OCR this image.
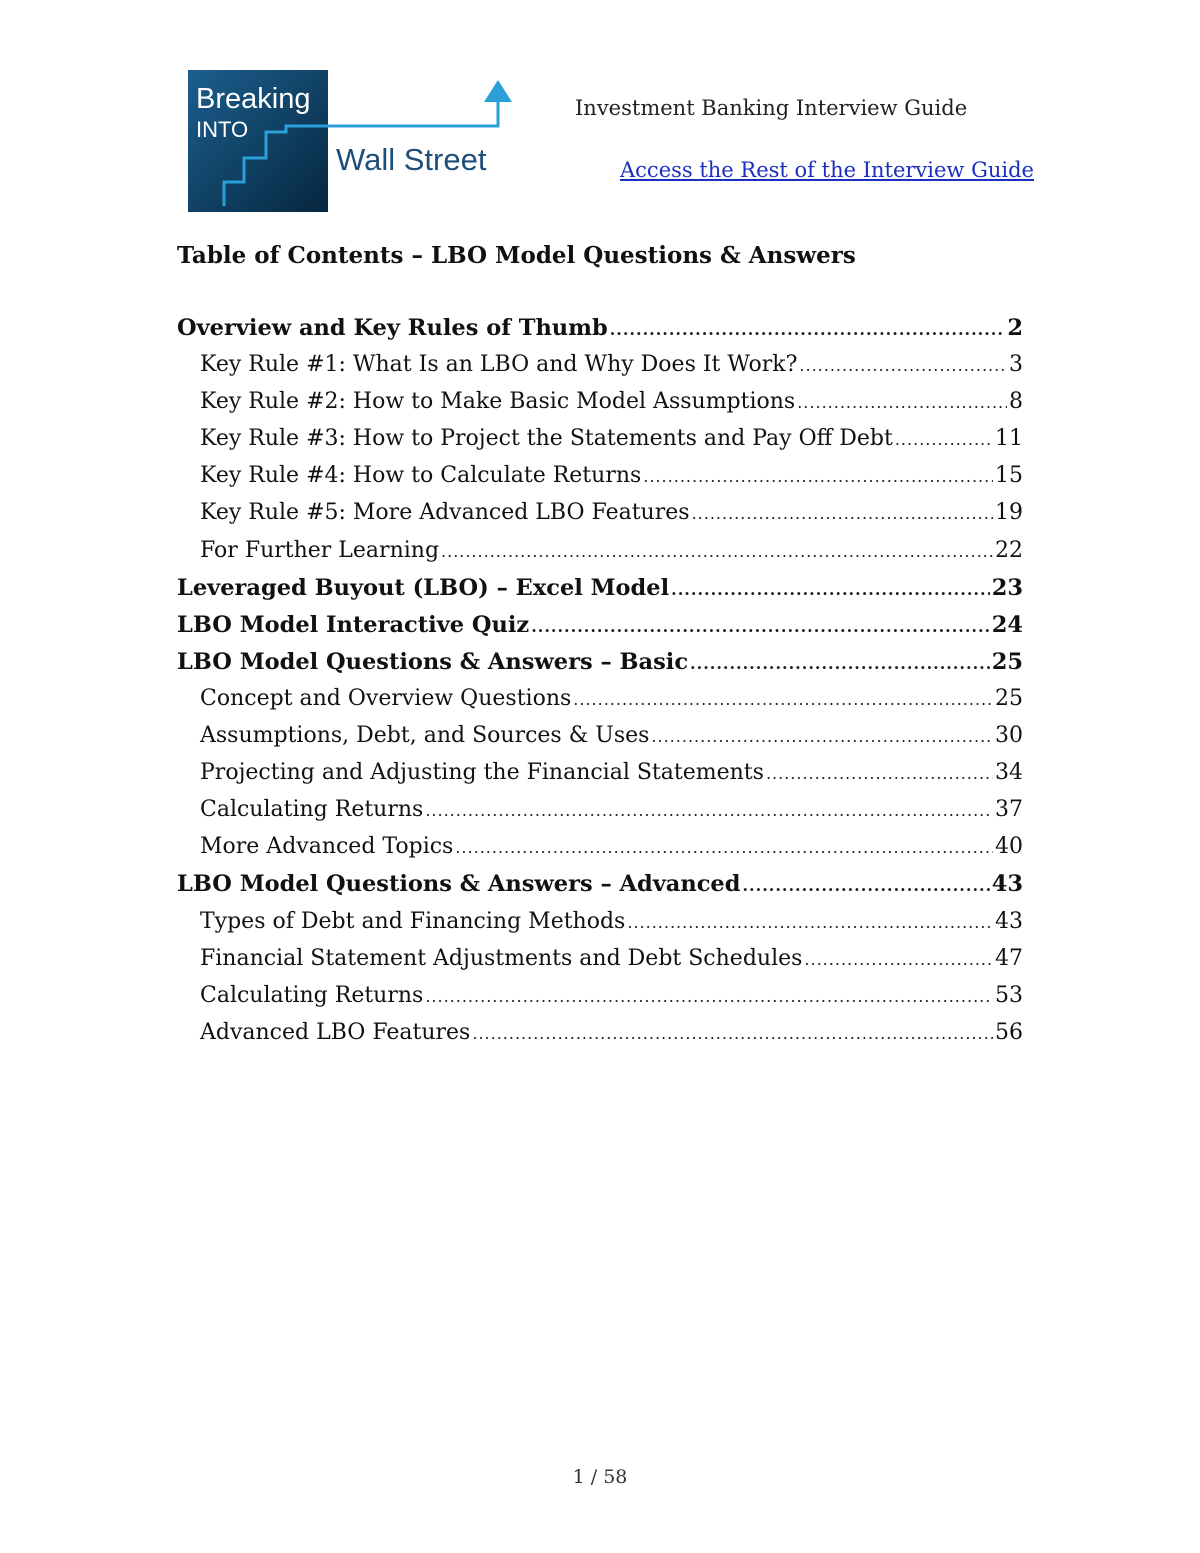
Breaking
INTO
Wall Street
Investment Banking Interview Guide
Access the Rest of the Interview Guide
Table of Contents – LBO Model Questions & Answers
Overview and Key Rules of Thumb .....	2
Key Rule #1: What Is an LBO and Why Does It Work? .....	3
Key Rule #2: How to Make Basic Model Assumptions .....	8
Key Rule #3: How to Project the Statements and Pay Off Debt .....	11
Key Rule #4: How to Calculate Returns .....	15
Key Rule #5: More Advanced LBO Features .....	19
For Further Learning .....	22
Leveraged Buyout (LBO) – Excel Model .....	23
LBO Model Interactive Quiz .....	24
LBO Model Questions & Answers – Basic .....	25
Concept and Overview Questions .....	25
Assumptions, Debt, and Sources & Uses .....	30
Projecting and Adjusting the Financial Statements .....	34
Calculating Returns .....	37
More Advanced Topics .....	40
LBO Model Questions & Answers – Advanced .....	43
Types of Debt and Financing Methods .....	43
Financial Statement Adjustments and Debt Schedules .....	47
Calculating Returns .....	53
Advanced LBO Features .....	56
1 / 58
